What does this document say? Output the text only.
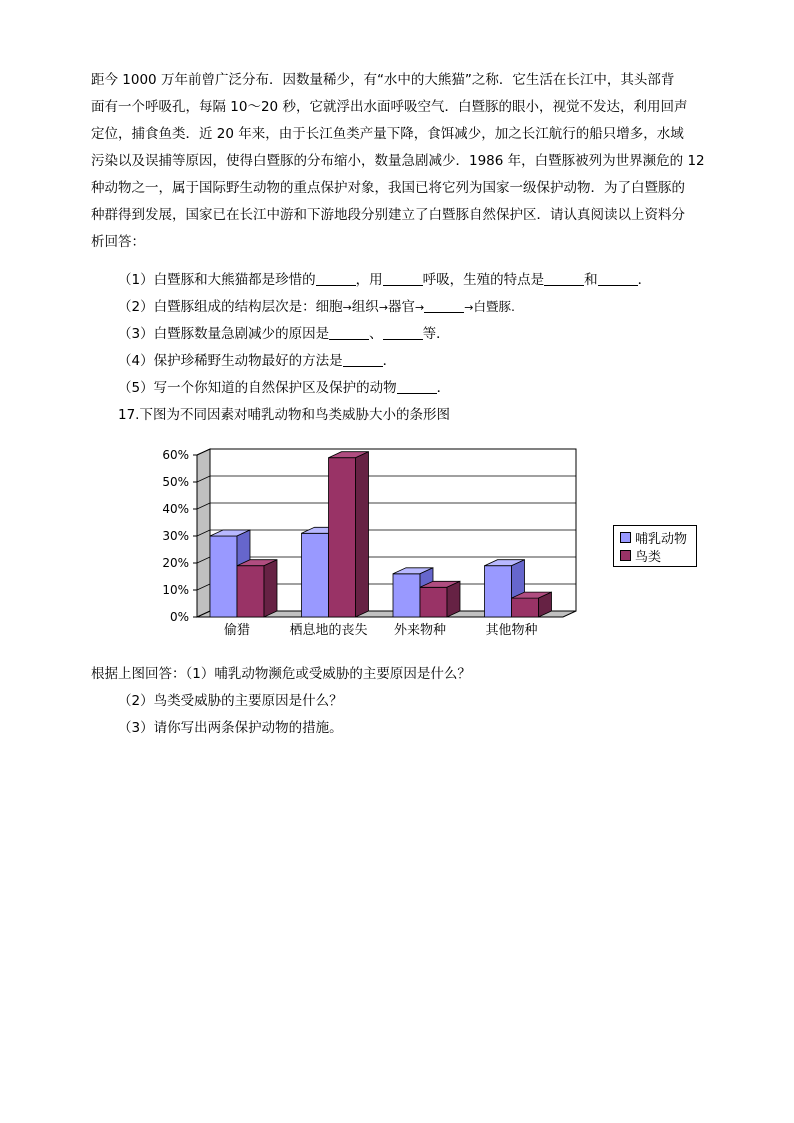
距今 1000 万年前曾广泛分布．因数量稀少，有“水中的大熊猫”之称．它生活在长江中，其头部背
面有一个呼吸孔，每隔 10～20 秒，它就浮出水面呼吸空气．白暨豚的眼小，视觉不发达，利用回声
定位，捕食鱼类．近 20 年来，由于长江鱼类产量下降，食饵减少，加之长江航行的船只增多，水域
污染以及误捕等原因，使得白暨豚的分布缩小，数量急剧减少．1986 年，白暨豚被列为世界濒危的 12
种动物之一，属于国际野生动物的重点保护对象，我国已将它列为国家一级保护动物．为了白暨豚的
种群得到发展，国家已在长江中游和下游地段分别建立了白暨豚自然保护区．请认真阅读以上资料分
析回答：
（1）白暨豚和大熊猫都是珍惜的	，用	呼吸，生殖的特点是	和	．
（2）白暨豚组成的结构层次是：细胞→组织→器官→	→白暨豚.
（3）白暨豚数量急剧减少的原因是	、	等．
（4）保护珍稀野生动物最好的方法是	．
（5）写一个你知道的自然保护区及保护的动物	．
17.下图为不同因素对哺乳动物和鸟类威胁大小的条形图
0%
10%
20%
30%
40%
50%
60%
偷猎	栖息地的丧失 外来物种	其他物种
哺乳动物
鸟类
根据上图回答：（1）哺乳动物濒危或受威胁的主要原因是什么？
（2）鸟类受威胁的主要原因是什么？
（3）请你写出两条保护动物的措施。
